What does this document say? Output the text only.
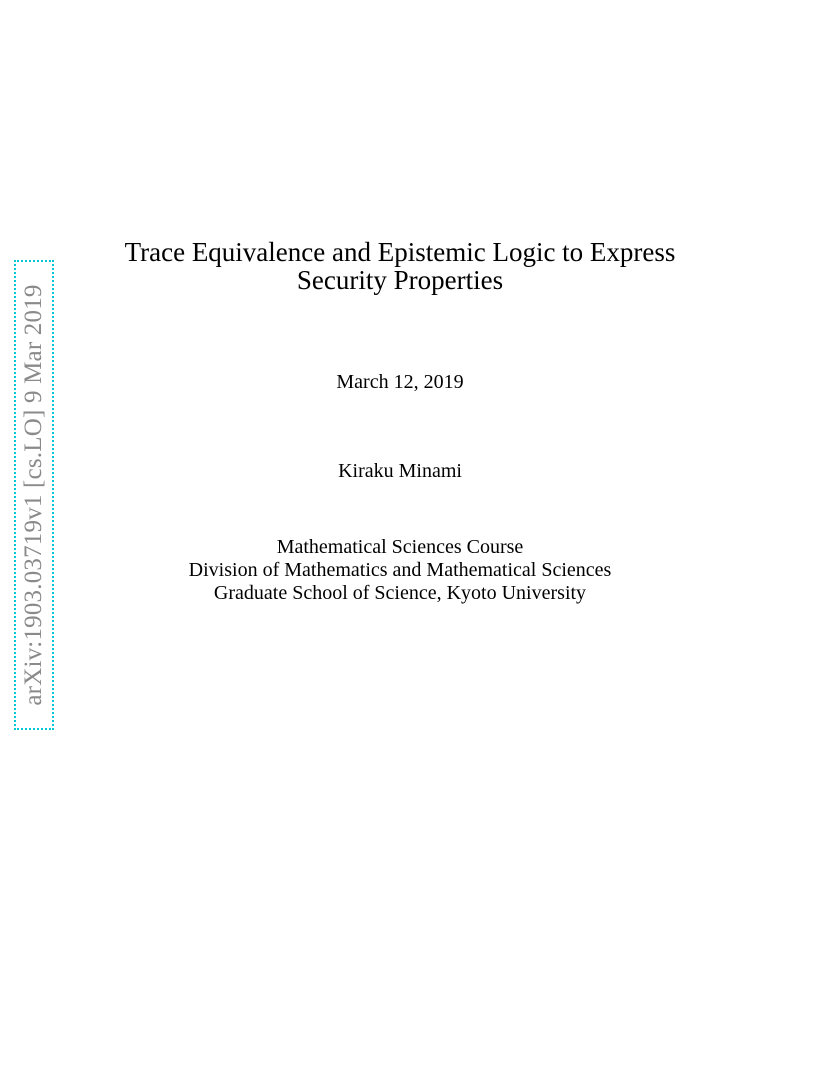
arXiv:1903.03719v1 [cs.LO] 9 Mar 2019
Trace Equivalence and Epistemic Logic to Express
Security Properties
March 12, 2019
Kiraku Minami
Mathematical Sciences Course
Division of Mathematics and Mathematical Sciences
Graduate School of Science, Kyoto University
